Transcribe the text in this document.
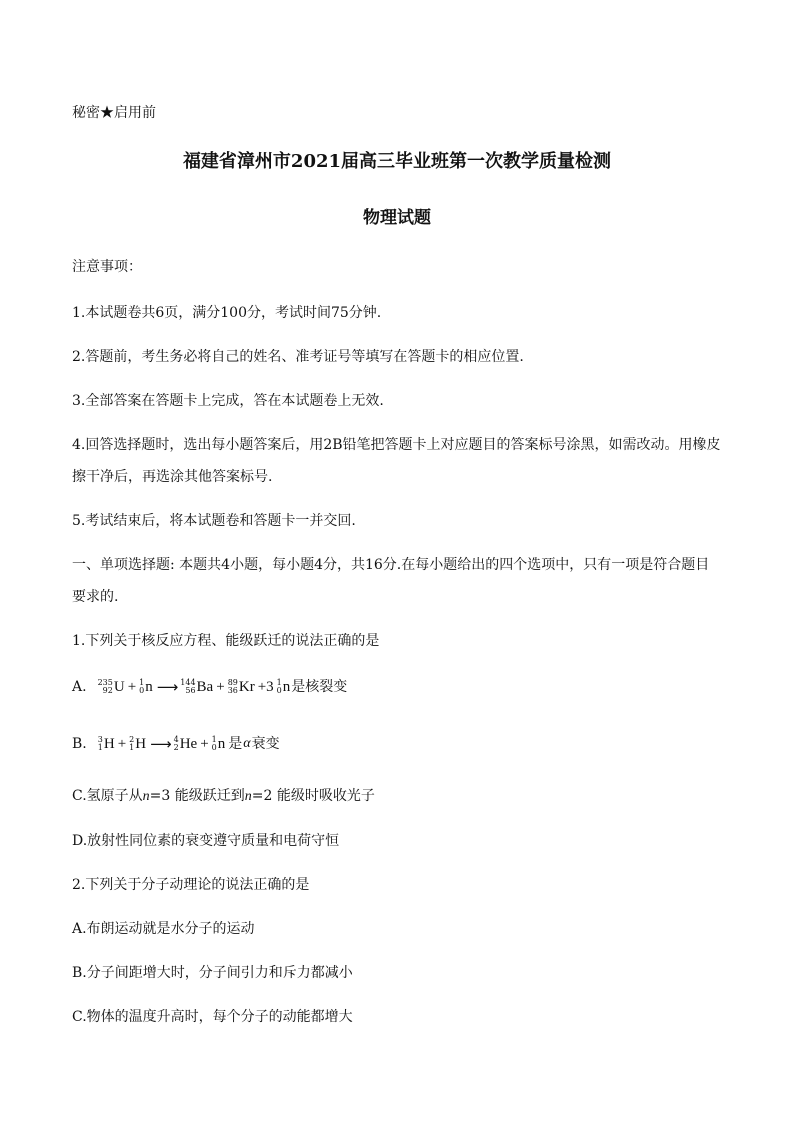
秘密★启用前
福建省漳州市2021届高三毕业班第一次教学质量检测
物理试题
注意事项：
1.本试题卷共6页，满分100分，考试时间75分钟.
2.答题前，考生务必将自己的姓名、准考证号等填写在答题卡的相应位置.
3.全部答案在答题卡上完成，答在本试题卷上无效.
4.回答选择题时，选出每小题答案后，用2B铅笔把答题卡上对应题目的答案标号涂黑，如需改动。用橡皮
擦干净后，再选涂其他答案标号.
5.考试结束后，将本试题卷和答题卡一并交回.
一、单项选择题: 本题共4小题，每小题4分，共16分.在每小题给出的四个选项中，只有一项是符合题目
要求的.
1.下列关于核反应方程、能级跃迁的说法正确的是
A. 235
92 U + 1
0 n ⟶ 144
56 Ba + 89
36 Kr +3 1
0 n 是核裂变
B. 3
1 H + 2
1 H ⟶ 4
2 He + 1
0 n 是 α 衰变
C.氢原子从n=3 能级跃迁到n=2 能级时吸收光子
D.放射性同位素的衰变遵守质量和电荷守恒
2.下列关于分子动理论的说法正确的是
A.布朗运动就是水分子的运动
B.分子间距增大时，分子间引力和斥力都减小
C.物体的温度升高时，每个分子的动能都增大
